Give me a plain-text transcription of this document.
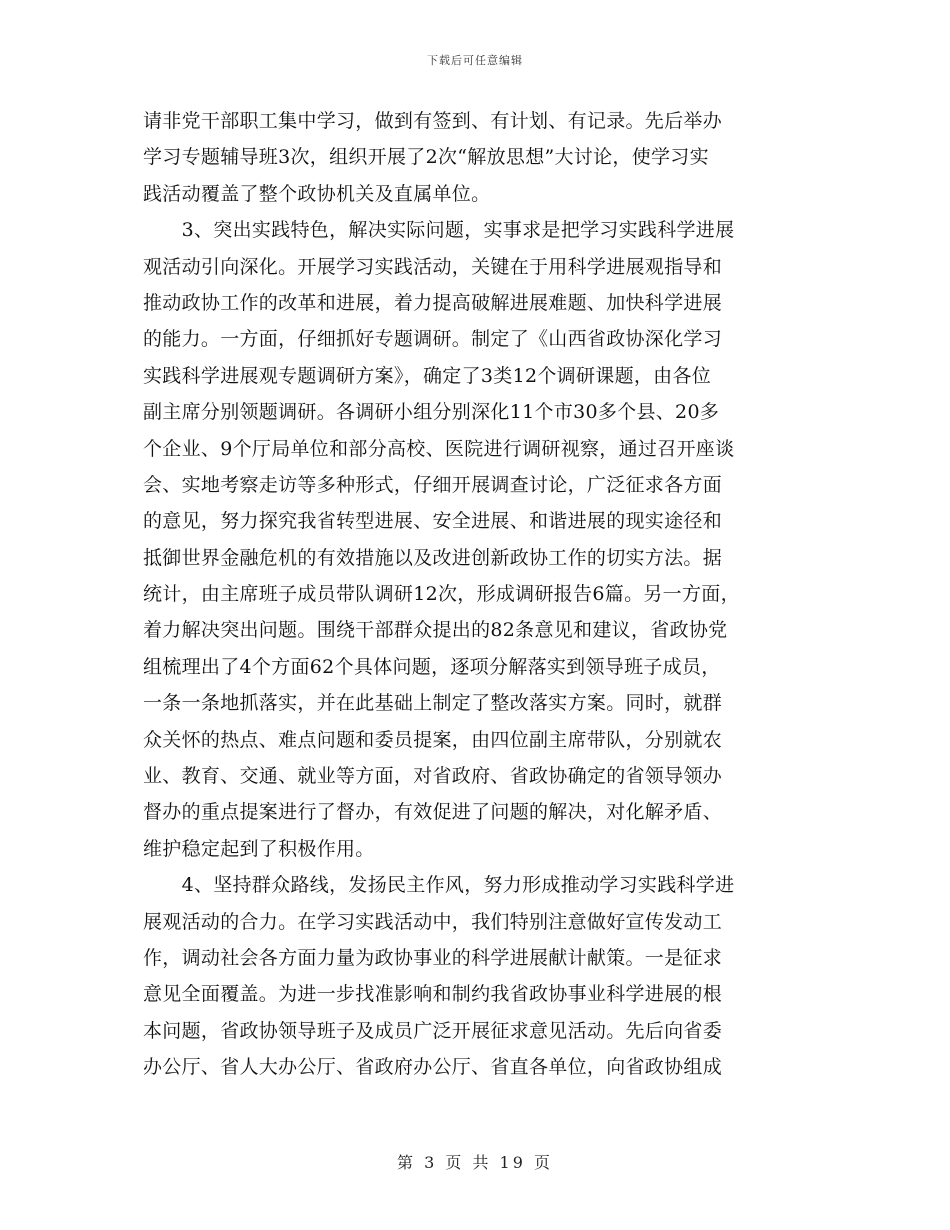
下载后可任意编辑
请非党干部职工集中学习，做到有签到、有计划、有记录。先后举办
学习专题辅导班3次，组织开展了2次“解放思想”大讨论，使学习实
践活动覆盖了整个政协机关及直属单位。
　　3、突出实践特色，解决实际问题，实事求是把学习实践科学进展
观活动引向深化。开展学习实践活动，关键在于用科学进展观指导和
推动政协工作的改革和进展，着力提高破解进展难题、加快科学进展
的能力。一方面，仔细抓好专题调研。制定了《山西省政协深化学习
实践科学进展观专题调研方案》，确定了3类12个调研课题，由各位
副主席分别领题调研。各调研小组分别深化11个市30多个县、20多
个企业、9个厅局单位和部分高校、医院进行调研视察，通过召开座谈
会、实地考察走访等多种形式，仔细开展调查讨论，广泛征求各方面
的意见，努力探究我省转型进展、安全进展、和谐进展的现实途径和
抵御世界金融危机的有效措施以及改进创新政协工作的切实方法。据
统计，由主席班子成员带队调研12次，形成调研报告6篇。另一方面，
着力解决突出问题。围绕干部群众提出的82条意见和建议，省政协党
组梳理出了4个方面62个具体问题，逐项分解落实到领导班子成员，
一条一条地抓落实，并在此基础上制定了整改落实方案。同时，就群
众关怀的热点、难点问题和委员提案，由四位副主席带队，分别就农
业、教育、交通、就业等方面，对省政府、省政协确定的省领导领办
督办的重点提案进行了督办，有效促进了问题的解决，对化解矛盾、
维护稳定起到了积极作用。
　　4、坚持群众路线，发扬民主作风，努力形成推动学习实践科学进
展观活动的合力。在学习实践活动中，我们特别注意做好宣传发动工
作，调动社会各方面力量为政协事业的科学进展献计献策。一是征求
意见全面覆盖。为进一步找准影响和制约我省政协事业科学进展的根
本问题，省政协领导班子及成员广泛开展征求意见活动。先后向省委
办公厅、省人大办公厅、省政府办公厅、省直各单位，向省政协组成
第 3 页 共 19 页
